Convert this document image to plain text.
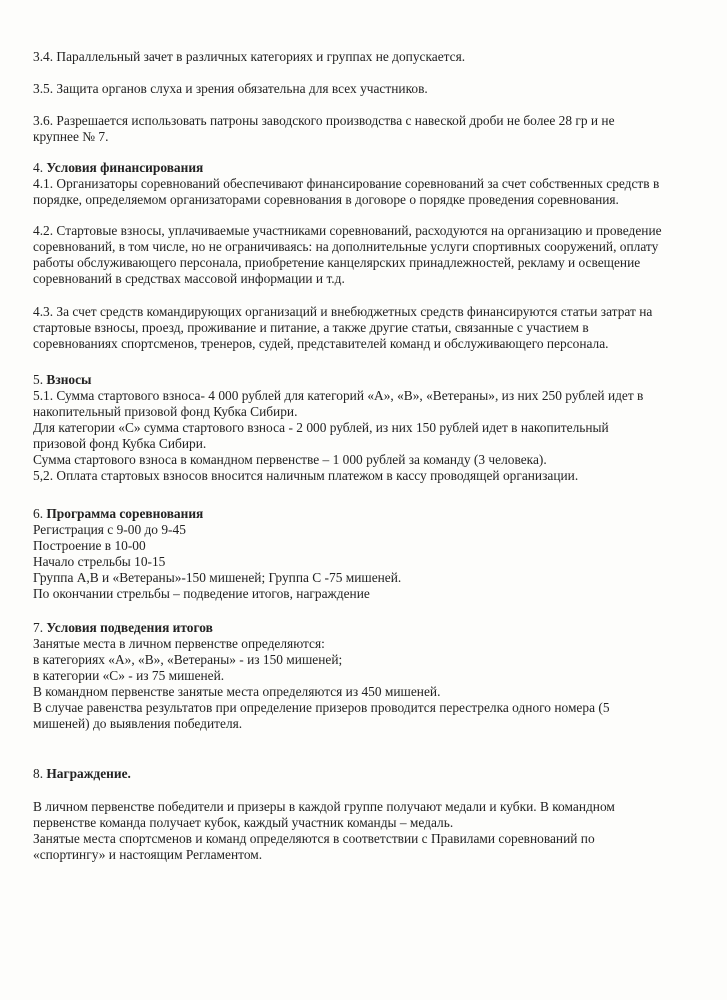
3.4. Параллельный зачет в различных категориях и группах не допускается.
3.5. Защита органов слуха и зрения обязательна для всех участников.
3.6. Разрешается использовать патроны заводского производства с навеской дроби не более 28 гр и не
крупнее № 7.
4. Условия финансирования
4.1. Организаторы соревнований обеспечивают финансирование соревнований за счет собственных средств в
порядке, определяемом организаторами соревнования в договоре о порядке проведения соревнования.
4.2. Стартовые взносы, уплачиваемые участниками соревнований, расходуются на организацию и проведение
соревнований, в том числе, но не ограничиваясь: на дополнительные услуги спортивных сооружений, оплату
работы обслуживающего персонала, приобретение канцелярских принадлежностей, рекламу и освещение
соревнований в средствах массовой информации и т.д.
4.3. За счет средств командирующих организаций и внебюджетных средств финансируются статьи затрат на
стартовые взносы, проезд, проживание и питание, а также другие статьи, связанные с участием в
соревнованиях спортсменов, тренеров, судей, представителей команд и обслуживающего персонала.
5. Взносы
5.1. Сумма стартового взноса- 4 000 рублей для категорий «А», «В», «Ветераны», из них 250 рублей идет в
накопительный призовой фонд Кубка Сибири.
Для категории «С» сумма стартового взноса - 2 000 рублей, из них 150 рублей идет в накопительный
призовой фонд Кубка Сибири.
Сумма стартового взноса в командном первенстве – 1 000 рублей за команду (3 человека).
5,2. Оплата стартовых взносов вносится наличным платежом в кассу проводящей организации.
6. Программа соревнования
Регистрация с 9-00 до 9-45
Построение в 10-00
Начало стрельбы 10-15
Группа А,В и «Ветераны»-150 мишеней; Группа С -75 мишеней.
По окончании стрельбы – подведение итогов, награждение
7. Условия подведения итогов
Занятые места в личном первенстве определяются:
в категориях «А», «В», «Ветераны» - из 150 мишеней;
в категории «С» - из 75 мишеней.
В командном первенстве занятые места определяются из 450 мишеней.
В случае равенства результатов при определение призеров проводится перестрелка одного номера (5
мишеней) до выявления победителя.
8. Награждение.
В личном первенстве победители и призеры в каждой группе получают медали и кубки. В командном
первенстве команда получает кубок, каждый участник команды – медаль.
Занятые места спортсменов и команд определяются в соответствии с Правилами соревнований по
«спортингу» и настоящим Регламентом.
